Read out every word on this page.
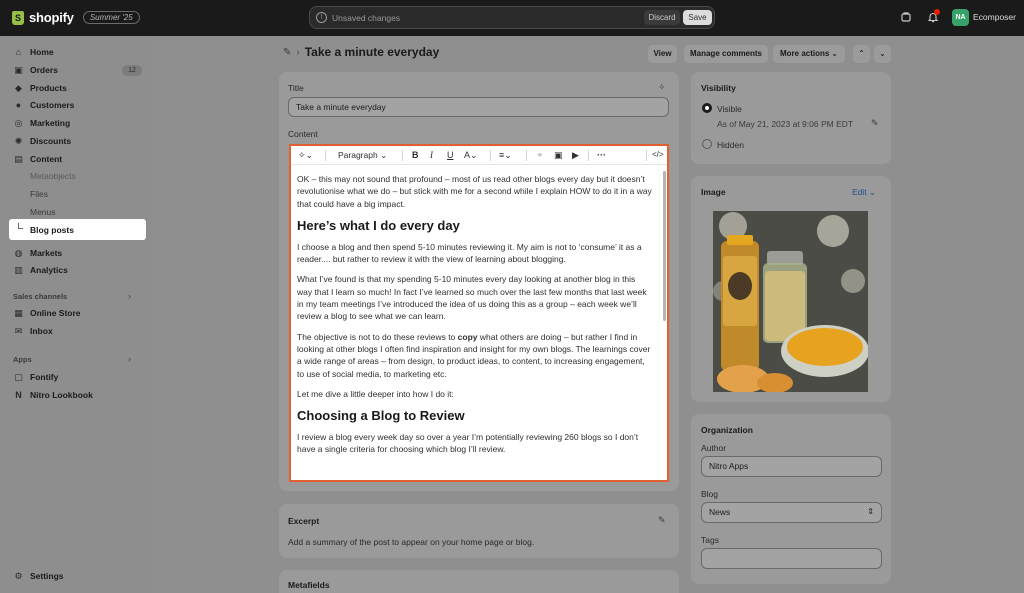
S
shopify	Summer '25	!	Unsaved changes	Discard	Save	NA Ecomposer
⌂ Home
▣ Orders	12
◆ Products
● Customers
◎ Marketing
✺ Discounts
▤ Content
Metaobjects
Files
Menus
Blog posts
◍ Markets
▥ Analytics
Sales channels	›
▦ Online Store
✉ Inbox
Apps	›
▢ Fontify
N Nitro Lookbook
⚙ Settings
✎ › Take a minute everyday	View	Manage comments	More actions ⌄	⌃	⌄
Title	✧
Take a minute everyday
Content
✧⌄	Paragraph ⌄	B I U A⌄ ≡⌄	⚭ ▣ ▶ ···	</>

OK – this may not sound that profound – most of us read other blogs every day but it doesn’t revolutionise what we do – but stick with me for a second while I explain HOW to do it in a way that could have a big impact.

Here’s what I do every day

I choose a blog and then spend 5-10 minutes reviewing it. My aim is not to ‘consume’ it as a reader.... but rather to review it with the view of learning about blogging.

What I’ve found is that my spending 5-10 minutes every day looking at another blog in this way that I learn so much! In fact I’ve learned so much over the last few months that last week in my team meetings I’ve introduced the idea of us doing this as a group – each week we’ll review a blog to see what we can learn.

The objective is not to do these reviews to copy what others are doing – but rather I find in looking at other blogs I often find inspiration and insight for my own blogs. The learnings cover a wide range of areas – from design, to product ideas, to content, to increasing engagement, to use of social media, to marketing etc.

Let me dive a little deeper into how I do it:

Choosing a Blog to Review

I review a blog every week day so over a year I’m potentially reviewing 260 blogs so I don’t have a single criteria for choosing which blog I’ll review.

Excerpt	✎
Add a summary of the post to appear on your home page or blog.
Metafields
Visibility
Visible
As of May 21, 2023 at 9:06 PM EDT ✎
Hidden
Image	Edit ⌄
Organization
Author
Nitro Apps
Blog
News	⇕
Tags
